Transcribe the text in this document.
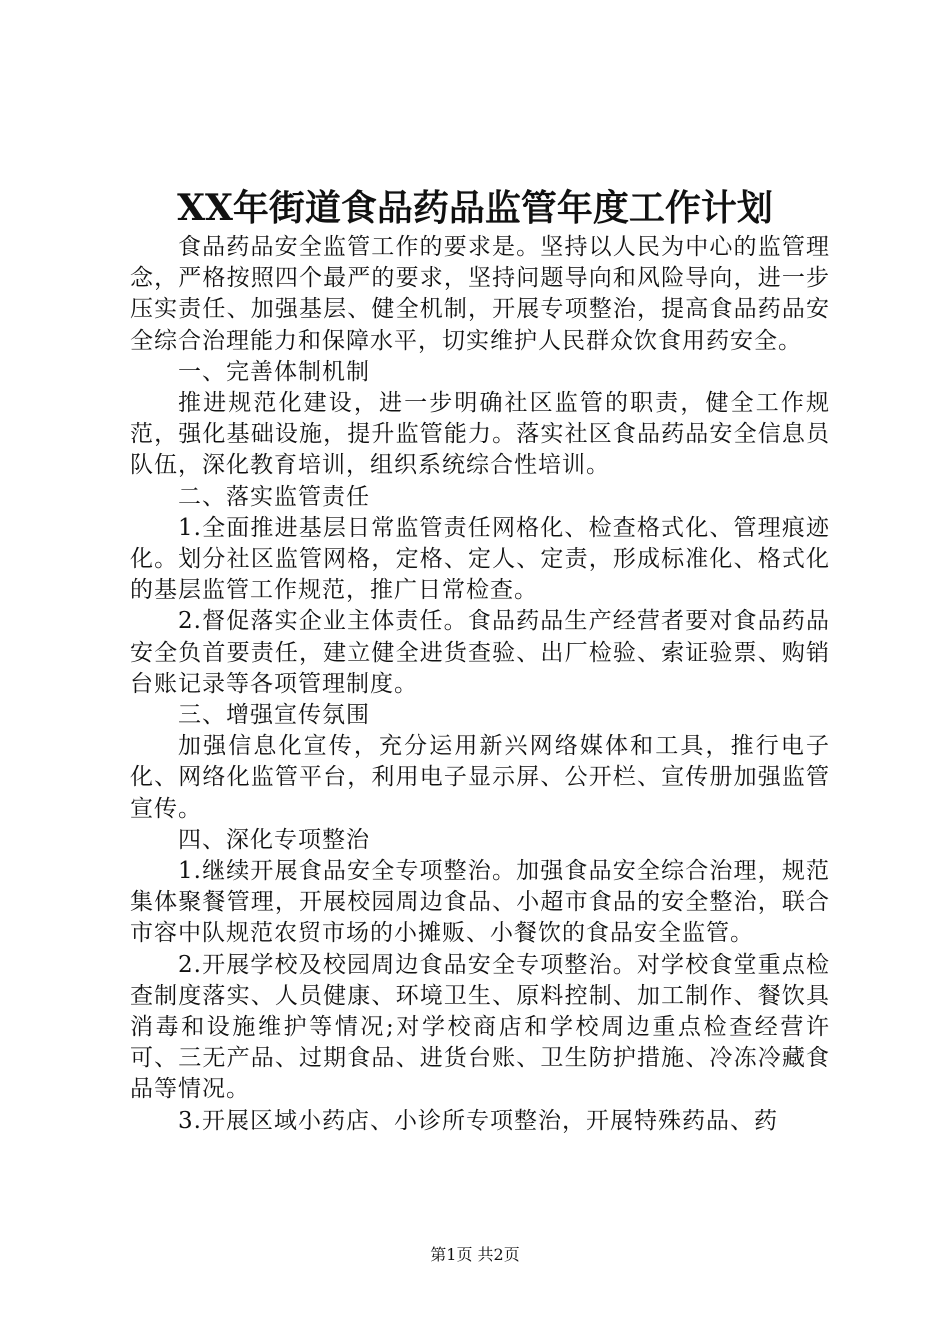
XX年街道食品药品监管年度工作计划

食品药品安全监管工作的要求是。坚持以人民为中心的监管理念，严格按照四个最严的要求，坚持问题导向和风险导向，进一步压实责任、加强基层、健全机制，开展专项整治，提高食品药品安全综合治理能力和保障水平，切实维护人民群众饮食用药安全。

一、完善体制机制

推进规范化建设，进一步明确社区监管的职责，健全工作规范，强化基础设施，提升监管能力。落实社区食品药品安全信息员队伍，深化教育培训，组织系统综合性培训。

二、落实监管责任

1.全面推进基层日常监管责任网格化、检查格式化、管理痕迹化。划分社区监管网格，定格、定人、定责，形成标准化、格式化的基层监管工作规范，推广日常检查。

2.督促落实企业主体责任。食品药品生产经营者要对食品药品安全负首要责任，建立健全进货查验、出厂检验、索证验票、购销台账记录等各项管理制度。

三、增强宣传氛围

加强信息化宣传，充分运用新兴网络媒体和工具，推行电子化、网络化监管平台，利用电子显示屏、公开栏、宣传册加强监管宣传。

四、深化专项整治

1.继续开展食品安全专项整治。加强食品安全综合治理，规范集体聚餐管理，开展校园周边食品、小超市食品的安全整治，联合市容中队规范农贸市场的小摊贩、小餐饮的食品安全监管。

2.开展学校及校园周边食品安全专项整治。对学校食堂重点检查制度落实、人员健康、环境卫生、原料控制、加工制作、餐饮具消毒和设施维护等情况;对学校商店和学校周边重点检查经营许可、三无产品、过期食品、进货台账、卫生防护措施、冷冻冷藏食品等情况。

3.开展区域小药店、小诊所专项整治，开展特殊药品、药

第1页 共2页
